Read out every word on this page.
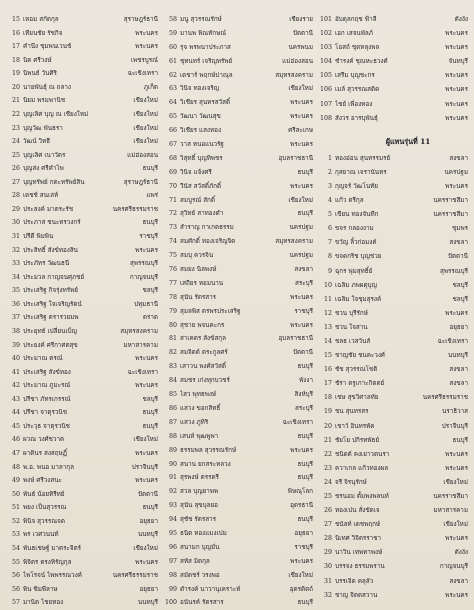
15 เทอม สกัดกุล	สุราษฎร์ธานี
16 เทียนชัย รัชกิจ	พระนคร
17 คำนึง ชุมพนเวนช์	พระนคร
18 นิต ศรีวงษ์	เพชรบูรณ์
19 นิพนธ์ วันศิริ	ฉะเชิงเทรา
20 นายพันธุ์ ณ ถลาง	ภูเก็ต
21 นิยม พรมพานิช	เชียงใหม่
22 บุญเลิศ บุญ ณ เชียงใหม่	เชียงใหม่
23 บุญวัฒ พันธรา	เชียงใหม่
24 วัฒน์ วิทธี	เชียงใหม่
25 บุญเลิศ เนาวัตร	แม่ฮ่องสอน
26 บุญส่ง ศรีคำไพ	ธนบุรี
27 บุญทรัพย์ กตะทรัพย์สิน	สุราษฎร์ธานี
28 เดชช์ สนเล่ห์	แพร่
29 ประสงค์ มาตระรัช	นครศรีธรรมราช
30 ประภาส ชนะทรวงกร์	ธนบุรี
31 ปรีดี พิมพิน	ราชบุรี
32 ประสิทธิ์ สังข์ทองสิน	พระนคร
33 ประภัทร วัฒนธนี	สุพรรณบุรี
34 ประมวล กาญจนศุภชย์	กาญจนบุรี
35 ประเสริฐ กิจรุ่งทรัพย์	ชลบุรี
36 ประเสริฐ ใจเจริญรัตน์	ปทุมธานี
37 ประเสริฐ ตรารวยมพ	ตราด
38 ประยุทธ์ เปลี่ยนเบ็ญ	สมุทรสงคราม
39 ประยงค์ ศรีกาศตสุข	มหาสารคาม
40 ประมาณ ตรณ์	พระนคร
41 ประเสริฐ สังข์ทอง	ฉะเชิงเทรา
42 ประมาณ ภูมะรณ์	พระนคร
43 ปรีชา ภัทรเกรรณ์	ชลบุรี
44 ปรีชา จาตุรวนิช	ธนบุรี
45 ประวุธ จาตุรวนิช	ธนบุรี
46 ผวณ วงศ์ชวาต	เชียงใหม่
47 ผาดินร สงสฤษฏิ์	พระนคร
48 พ.อ. พนอ มาลากุล	ปราจีนบุรี
49 พงษ์ ศรีวงสนะ	พระนคร
50 พันธ์ น้อยทิรีทย์	ปัตตานี
51 พยง เป็นสุวรรณ	ธนบุรี
52 พินิจ สุวรรณจด	อยุธยา
53 พร เวศวนนท์	นนทบุรี
54 พันธเชษฐ์ มาตระจิตร์	เชียงใหม่
55 พิจิตร ตรงหิรัญกุล	พระนคร
56 ไพโรจน์ ไพพรรณวงค์	นครศรีธรรมราช
56 พิน ซิมพีลาษ	อยุธยา
57 มานิต ไชยทอง	นนทบุรี
58 มนู สุวรรณรักษ์	เชียงราย
59 มานพ พิณทักษณ์	ปัตตานี
60 รุจ พรพนาประภาส	นครพนม
61 ชุทนทร์ เจริญทรัพย์	แม่ฮ่องสอน
62 เดชาร์ พฤกษ์ปาณุล	สมุทรสงคราม
63 วินิจ ทองเจริญ	เชียงใหม่
64 วิเชียร สุนทรสวัสดิ์	พระนคร
65 วัฒนา วัฒนสุข	พระนคร
66 วิเชียร แสงทอง	ศรีสะเกษ
67 วาส หนอแนวรัฐ	พระนคร
68 วิสุทธิ์ บุญทิพชร	อุบลราชธานี
69 วินิจ แจ้งศรี	ธนบุรี
70 วีนัส สวัสดิ์ภักดิ์	พระนคร
71 สมบูรณ์ สักดิ์	เชียงใหม่
72 สุวิทย์ สาทองดำ	ธนบุรี
73 สำราญ กาเกตธรรม	นครปฐม
74 สมศักดิ์ ทองเจริญจิต	สมุทรสงคราม
75 สมบุ ควรจิน	นครปฐม
76 สมยง นิลพงษ์	สงขลา
77 เสถียร หอมนาน	สระบุรี
78 สุนัน รัตรสาร	พระนคร
79 สุมลพิส ตรพรประเสริฐ	ราชบุรี
80 สุชาย พจนคะกร	พระนคร
81 สาเคตร สังข์สกุล	อุบลราชธานี
82 สมจิตต์ ตระกูลศร์	ปัตตานี
83 เสาวน พงศ์สวัสดิ์	ธนบุรี
84 สมชร เก่งทุกบวชร์	พังงา
85 ไสว พุทธพงษ์	สิงห์บุรี
86 แสวง ขอกสิทธิ์	สระบุรี
87 แสวง ภูทิริ	ฉะเชิงเทรา
88 เสนห์ พุฒพูพา	ธนบุรี
89 ธรรมพล สุวรรณรักษ์	พระนคร
90 สนาน ยกสระหลวง	ธนบุรี
91 สุรพงษ์ ตรรตรี	ธนบุรี
92 สวล บุญยาพพ	พิษณุโลก
93 สุนัน สุขบุลยอ	อุดรธานี
94 สุชัช รัตรสาร	ธนบุรี
95 ธนิต ทองแมงเปม	อยุธยา
96 สนามก บุญมั่น	ราชบุรี
97 สหัส มิตกุล	พระนคร
98 สมัดชร์ วรงพอ	เชียงใหม่
99 ดำรงค์ นาวานุเคราะห์	อุตรดิตถ์
100 อนันรค์ รัตรสาร	ธนบุรี
101 อับดุลกฤช ฟ้าลี	ตังงัง
102 เอก เสจนพัลภ์	พระนคร
103 โอสถ์ ชุดหลุงพล	พระนคร
104 ชำรงค์ ชุณหะธวงศ์	จันทบุรี
105 เสรีม บุญชะกร	พระนคร
106 เมล์ สุวรรณสดิด	พระนคร
107 ไชย์ เพื่องทอง	พระนคร
108 สังวร อารบุพันธุ์	พระนคร
ผู้แทนรุ่นที่ 11
1 ทองอ่อน สุนทรรมรย์	สงขลา
2 กุสยาณ เจรานันทร	นครปฐม
3 กุญจร์ วัฒโนทัย	พระนคร
4 แก้ว ตรีกุล	นครราชสีมา
5 เขียน ทองจันทีก	นครราชสีมา
6 ขจร กลองงาม	ชุมพร
7 ขวัญ ลิ้วก่อมงค์	สงขลา
8 ขจดกริช บุญช่วย	ปัตตานี
9 ฉุกร พุ่มสุทธิ์ย์	สุพรรณบุรี
10 เฉลิม ภพผดุบุญ	ชลบุรี
11 เฉลิม ใจชุมสุรงค์	ชลบุรี
12 ชวน บุรีรักษ์	พระนคร
13 ชวน ใจสาน	อยุธยา
14 ชลธ เวสวันส์	ฉะเชิงเทรา
15 ชาญชัย ชนคะวงศ์	นนทบุรี
16 ชัช สุวรรณโชติ	สงขลา
17 ชัรา ตรูเกาะกิตตย์	สงขลา
18 เชษ สุขวิศาลทัย	นครศรีธรรมราช
19 ชน สุนทรสร	นราธิวาส
20 เชาว์ อินทรพัค	ปราจีนบุรี
21 ชัยโย ปกิรทพัธย์	ธนบุรี
22 ชนิดต์ คงเยาวตนรา	พระนคร
23 ควาเกล แก้วทองผล	พระนคร
24 จรี จิรนุรักษ์	เชียงใหม่
25 ชรนอม ตั้มพงพลนท์	นครราชสีมา
26 ทองเปน สั่งขัดเจ	มหาสารคาม
27 ชนัลท์ เดชพฤกษ์	เชียงใหม่
28 นิเทศ วิจิตรราชา	พระนคร
29 นาวิน เทพทาพงษ์	ตังงัง
30 บรรจง ธรรมพราน	กาญจนบุรี
31 บรรเจิด คลุลัว	สงขลา
32 ชาญ จิตตสวาน	พระนคร
